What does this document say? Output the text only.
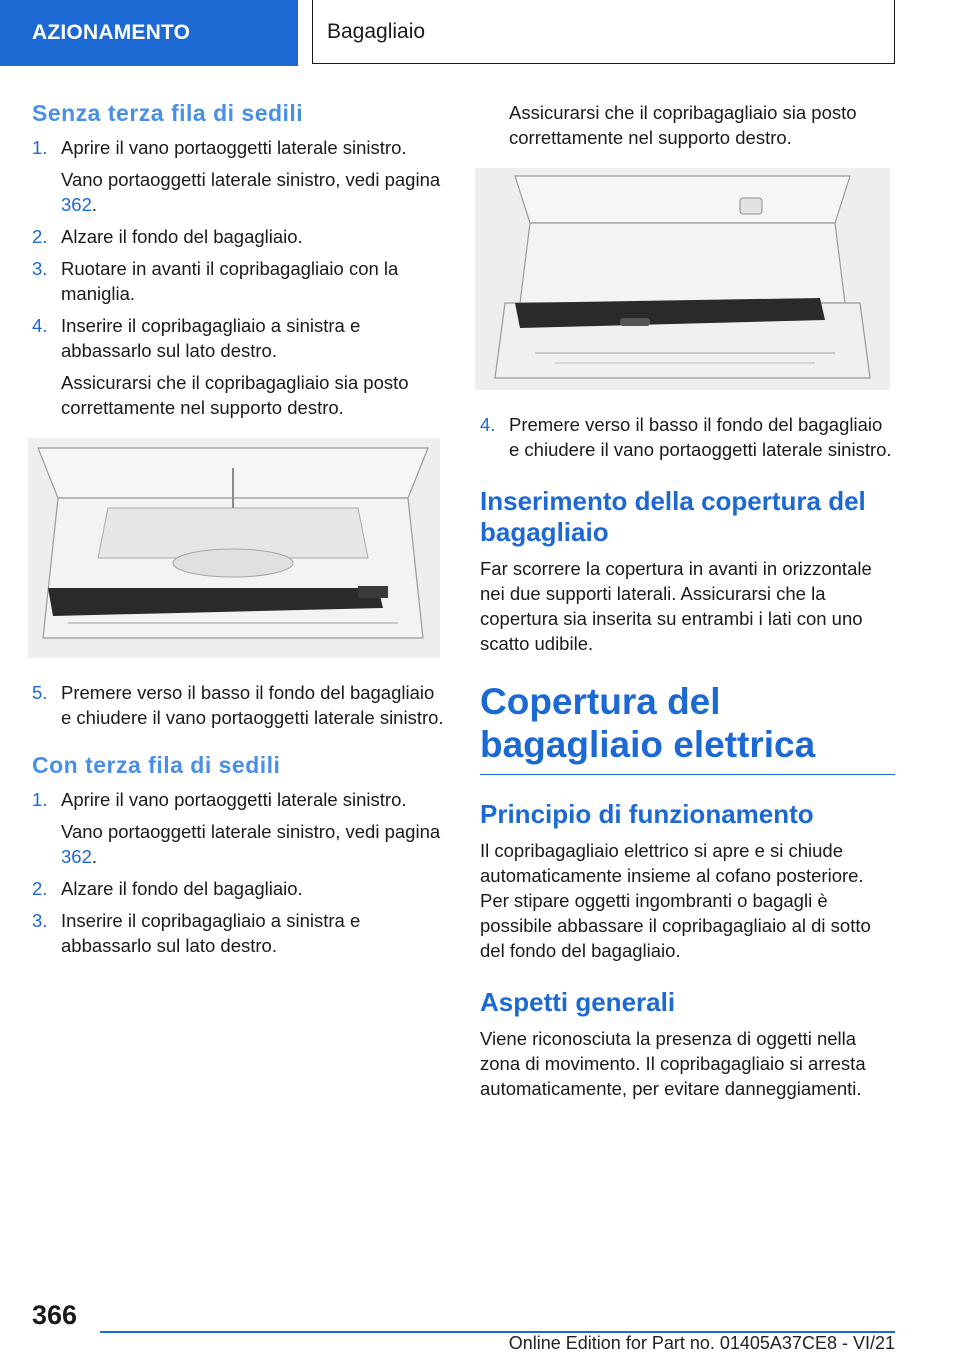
AZIONAMENTO	Bagagliaio
Senza terza fila di sedili
1. Aprire il vano portaoggetti laterale sinistro.
Vano portaoggetti laterale sinistro, vedi pagina 362.
2. Alzare il fondo del bagagliaio.
3. Ruotare in avanti il copribagagliaio con la maniglia.
4. Inserire il copribagagliaio a sinistra e abbassarlo sul lato destro.
Assicurarsi che il copribagagliaio sia posto correttamente nel supporto destro.
5. Premere verso il basso il fondo del bagagliaio e chiudere il vano portaoggetti laterale sinistro.
Con terza fila di sedili
1. Aprire il vano portaoggetti laterale sinistro.
Vano portaoggetti laterale sinistro, vedi pagina 362.
2. Alzare il fondo del bagagliaio.
3. Inserire il copribagagliaio a sinistra e abbassarlo sul lato destro.
Assicurarsi che il copribagagliaio sia posto correttamente nel supporto destro.
4. Premere verso il basso il fondo del bagagliaio e chiudere il vano portaoggetti laterale sinistro.
Inserimento della copertura del bagagliaio

Far scorrere la copertura in avanti in orizzontale nei due supporti laterali. Assicurarsi che la copertura sia inserita su entrambi i lati con uno scatto udibile.

Copertura del bagagliaio elettrica
Principio di funzionamento

Il copribagagliaio elettrico si apre e si chiude automaticamente insieme al cofano posteriore. Per stipare oggetti ingombranti o bagagli è possibile abbassare il copribagagliaio al di sotto del fondo del bagagliaio.

Aspetti generali

Viene riconosciuta la presenza di oggetti nella zona di movimento. Il copribagagliaio si arresta automaticamente, per evitare danneggiamenti.

366
Online Edition for Part no. 01405A37CE8 - VI/21
